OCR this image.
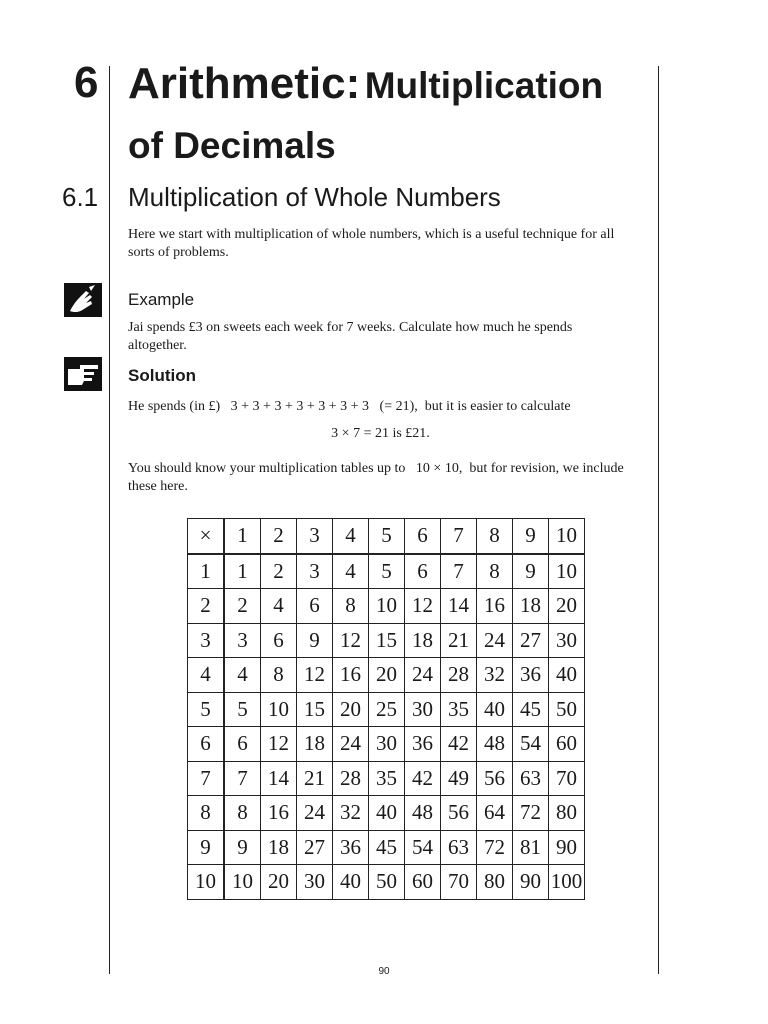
6 Arithmetic: Multiplication
of Decimals
6.1 Multiplication of Whole Numbers
Here we start with multiplication of whole numbers, which is a useful technique for all sorts of problems.
Example
Jai spends £3 on sweets each week for 7 weeks. Calculate how much he spends altogether.
Solution
He spends (in £) 3 + 3 + 3 + 3 + 3 + 3 + 3 (= 21), but it is easier to calculate
3 × 7 = 21 is £21.
You should know your multiplication tables up to 10 × 10, but for revision, we include these here.
×	1	2	3	4	5	6	7	8	9	10
1	1	2	3	4	5	6	7	8	9	10
2	2	4	6	8	10	12	14	16	18	20
3	3	6	9	12	15	18	21	24	27	30
4	4	8	12	16	20	24	28	32	36	40
5	5	10	15	20	25	30	35	40	45	50
6	6	12	18	24	30	36	42	48	54	60
7	7	14	21	28	35	42	49	56	63	70
8	8	16	24	32	40	48	56	64	72	80
9	9	18	27	36	45	54	63	72	81	90
10	10	20	30	40	50	60	70	80	90	100
90
